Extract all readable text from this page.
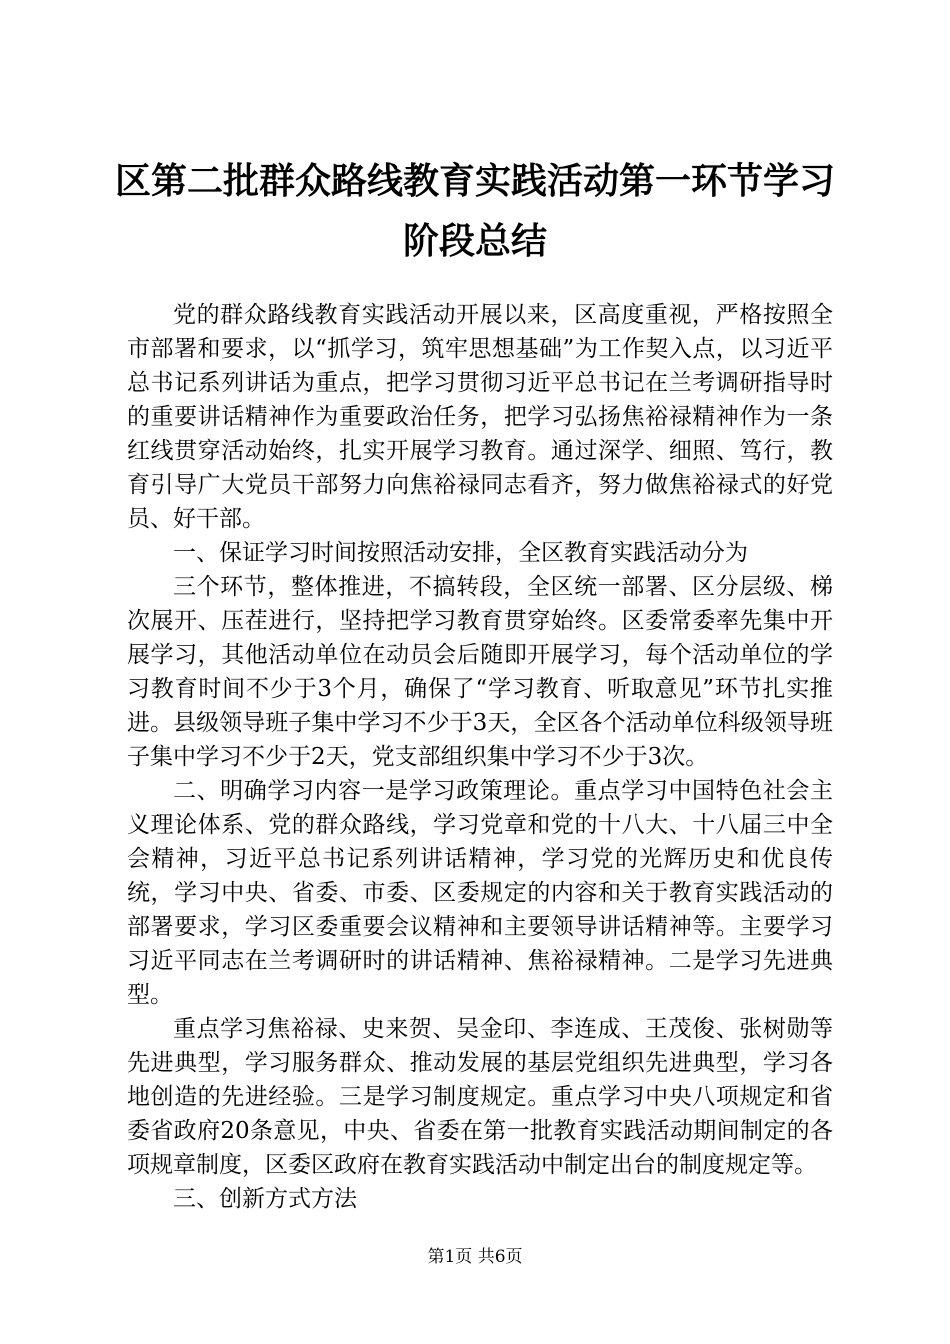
区第二批群众路线教育实践活动第一环节学习
阶段总结

党的群众路线教育实践活动开展以来，区高度重视，严格按照全市部署和要求，以“抓学习，筑牢思想基础”为工作契入点，以习近平总书记系列讲话为重点，把学习贯彻习近平总书记在兰考调研指导时的重要讲话精神作为重要政治任务，把学习弘扬焦裕禄精神作为一条红线贯穿活动始终，扎实开展学习教育。通过深学、细照、笃行，教育引导广大党员干部努力向焦裕禄同志看齐，努力做焦裕禄式的好党员、好干部。

一、保证学习时间按照活动安排，全区教育实践活动分为

三个环节，整体推进，不搞转段，全区统一部署、区分层级、梯次展开、压茬进行，坚持把学习教育贯穿始终。区委常委率先集中开展学习，其他活动单位在动员会后随即开展学习，每个活动单位的学习教育时间不少于3个月，确保了“学习教育、听取意见”环节扎实推进。县级领导班子集中学习不少于3天，全区各个活动单位科级领导班子集中学习不少于2天，党支部组织集中学习不少于3次。

二、明确学习内容一是学习政策理论。重点学习中国特色社会主义理论体系、党的群众路线，学习党章和党的十八大、十八届三中全会精神，习近平总书记系列讲话精神，学习党的光辉历史和优良传统，学习中央、省委、市委、区委规定的内容和关于教育实践活动的部署要求，学习区委重要会议精神和主要领导讲话精神等。主要学习习近平同志在兰考调研时的讲话精神、焦裕禄精神。二是学习先进典型。

重点学习焦裕禄、史来贺、吴金印、李连成、王茂俊、张树勋等先进典型，学习服务群众、推动发展的基层党组织先进典型，学习各地创造的先进经验。三是学习制度规定。重点学习中央八项规定和省委省政府20条意见，中央、省委在第一批教育实践活动期间制定的各项规章制度，区委区政府在教育实践活动中制定出台的制度规定等。

三、创新方式方法

第1页 共6页
